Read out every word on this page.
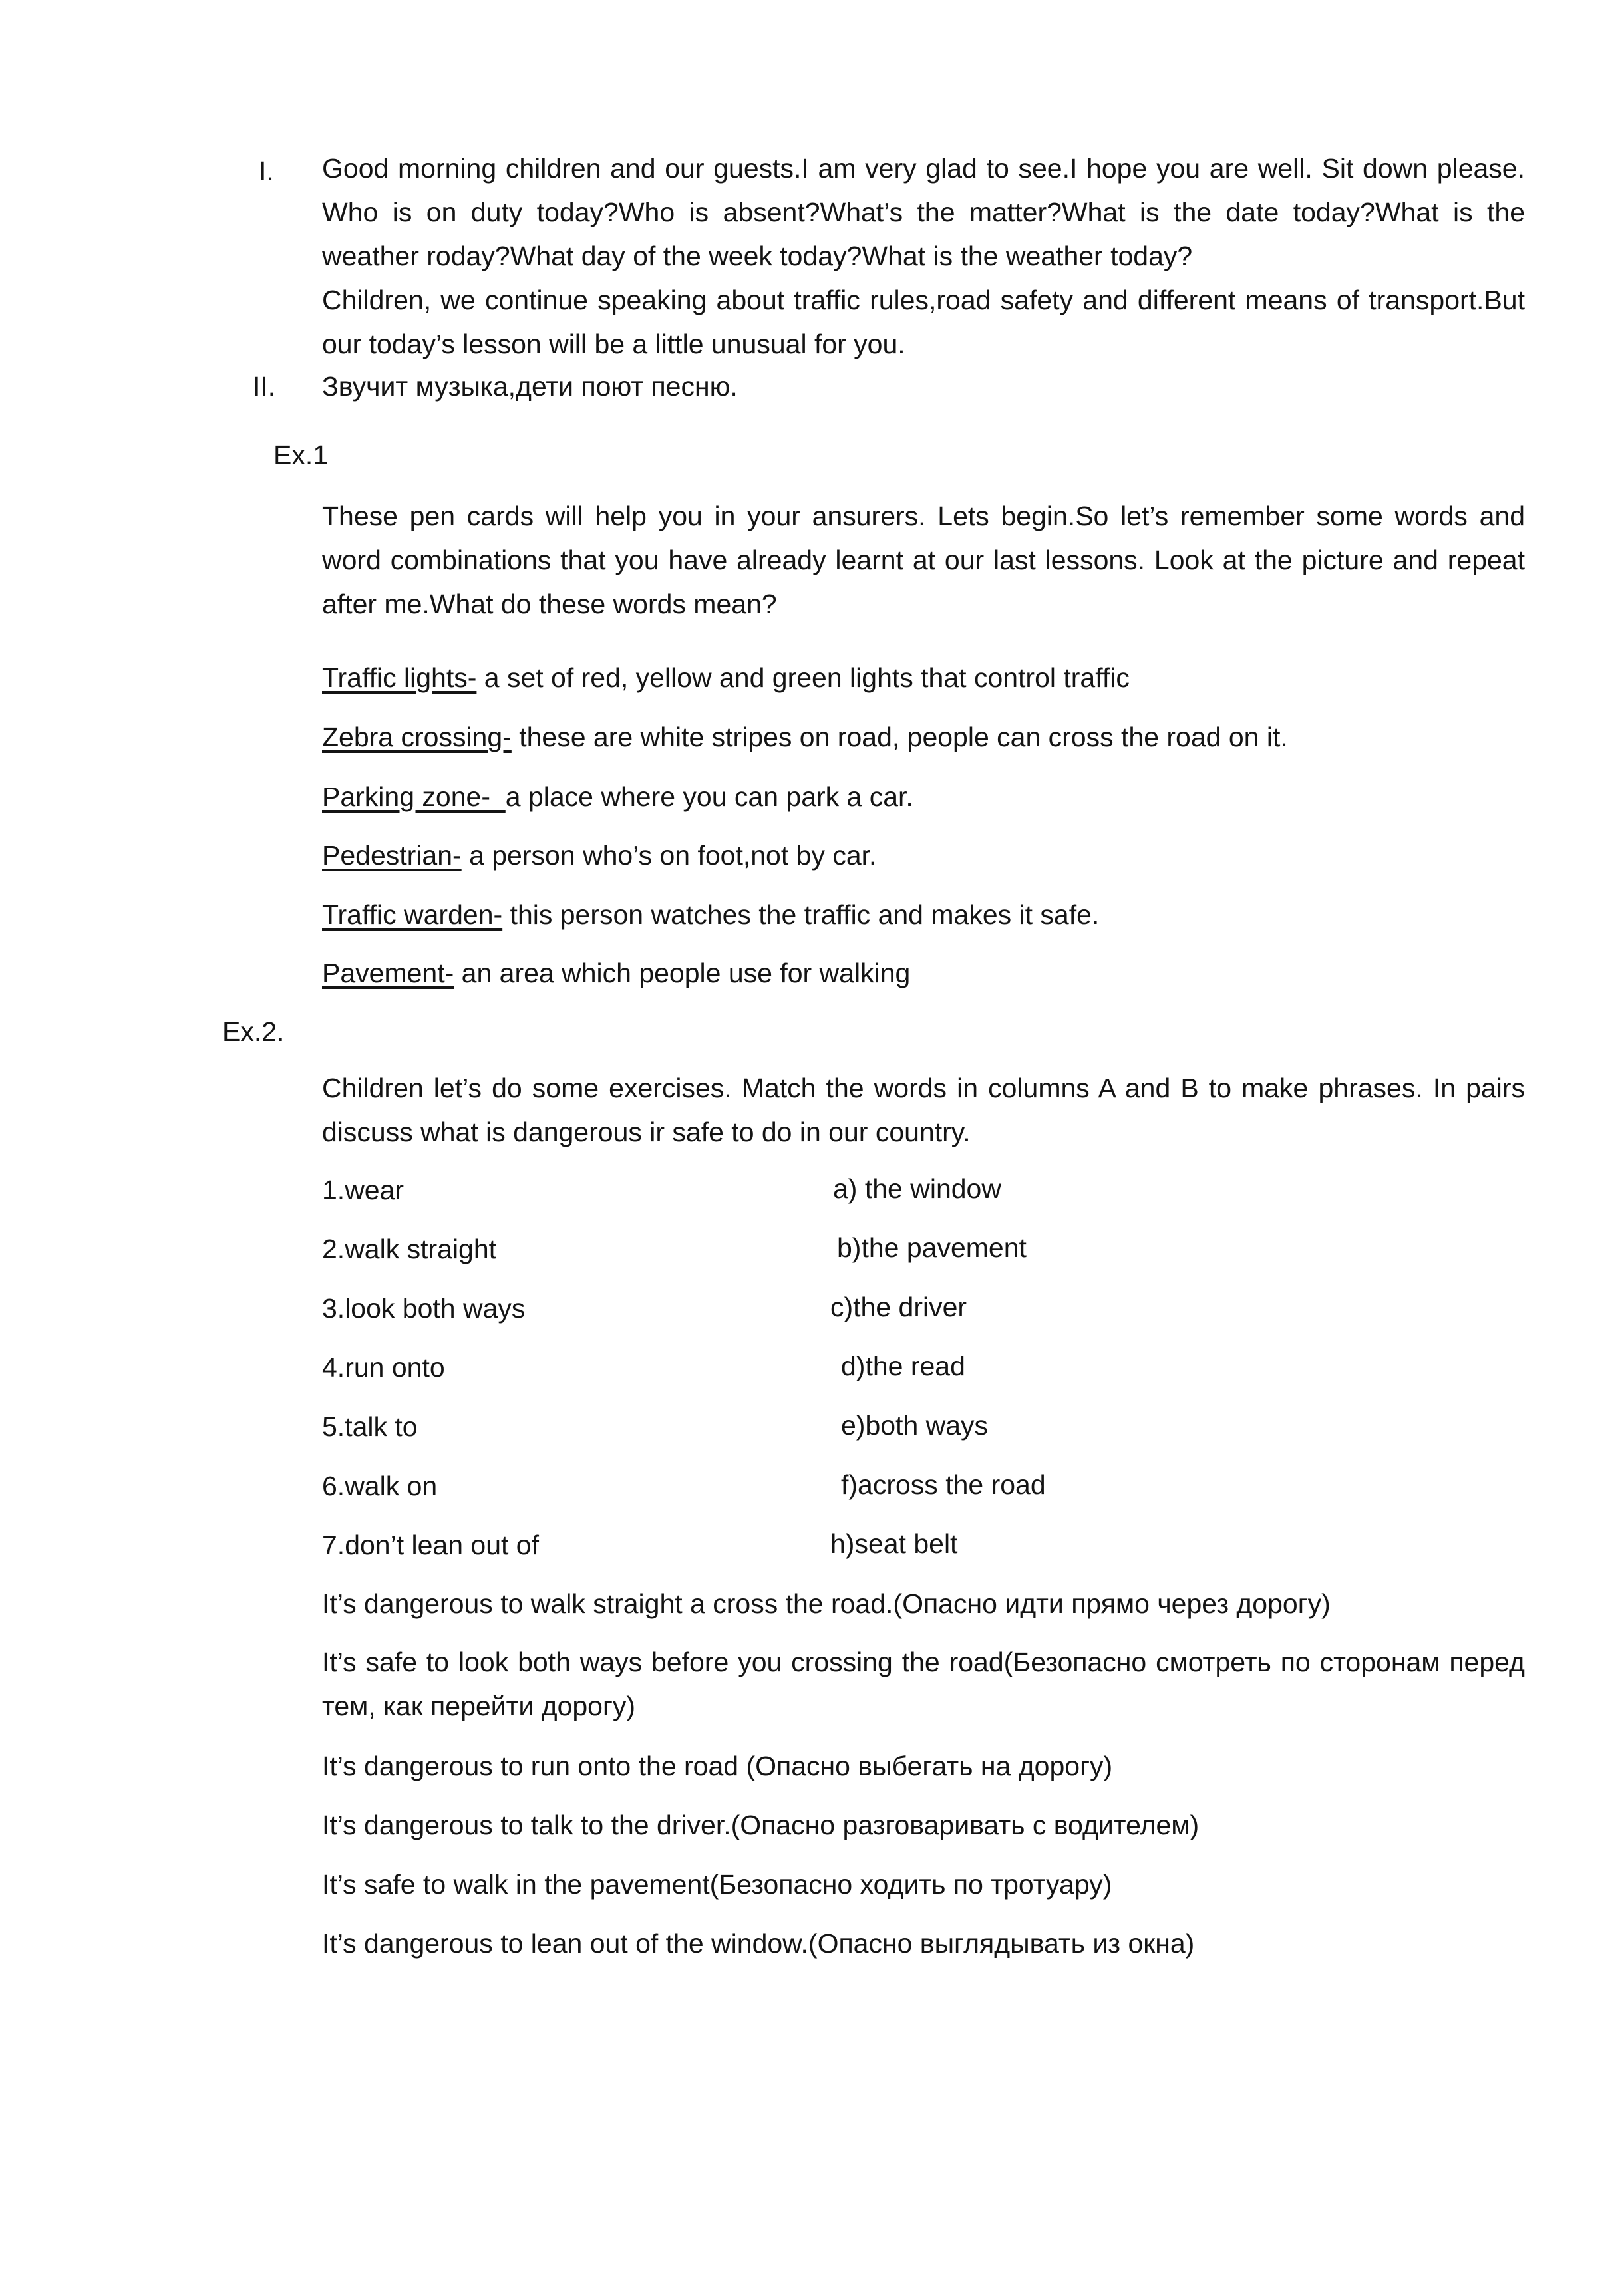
I. Good morning children and our guests.I am very glad to see.I hope you are well. Sit down please. Who is on duty today?Who is absent?What’s the matter?What is the date today?What is the weather roday?What day of the week today?What is the weather today?

Children, we continue speaking about traffic rules,road safety and different means of transport.But our today’s lesson will be a little unusual for you.

II. Звучит музыка,дети поют песню.
Ex.1
These pen cards will help you in your ansurers. Lets begin.So let’s remember some words and word combinations that you have already learnt at our last lessons. Look at the picture and repeat after me.What do these words mean?
Traffic lights- a set of red, yellow and green lights that control traffic
Zebra crossing- these are white stripes on road, people can cross the road on it.
Parking zone-  a place where you can park a car.
Pedestrian- a person who’s on foot,not by car.
Traffic warden- this person watches the traffic and makes it safe.
Pavement- an area which people use for walking
Ex.2.
Children let’s do some exercises. Match the words in columns A and B to make phrases. In pairs discuss what is dangerous ir safe to do in our country.
1.wear
2.walk straight
3.look both ways
4.run onto
5.talk to
6.walk on
7.don’t lean out of
a) the window
b)the pavement
c)the driver
d)the read
e)both ways
f)across the road
h)seat belt
It’s dangerous to walk straight a cross the road.(Опасно идти прямо через дорогу)
It’s safe to look both ways before you crossing the road(Безопасно смотреть по сторонам перед тем, как перейти дорогу)
It’s dangerous to run onto the road (Опасно выбегать на дорогу)
It’s dangerous to talk to the driver.(Опасно разговаривать с водителем)
It’s safe to walk in the pavement(Безопасно ходить по тротуару)
It’s dangerous to lean out of the window.(Опасно выглядывать из окна)
